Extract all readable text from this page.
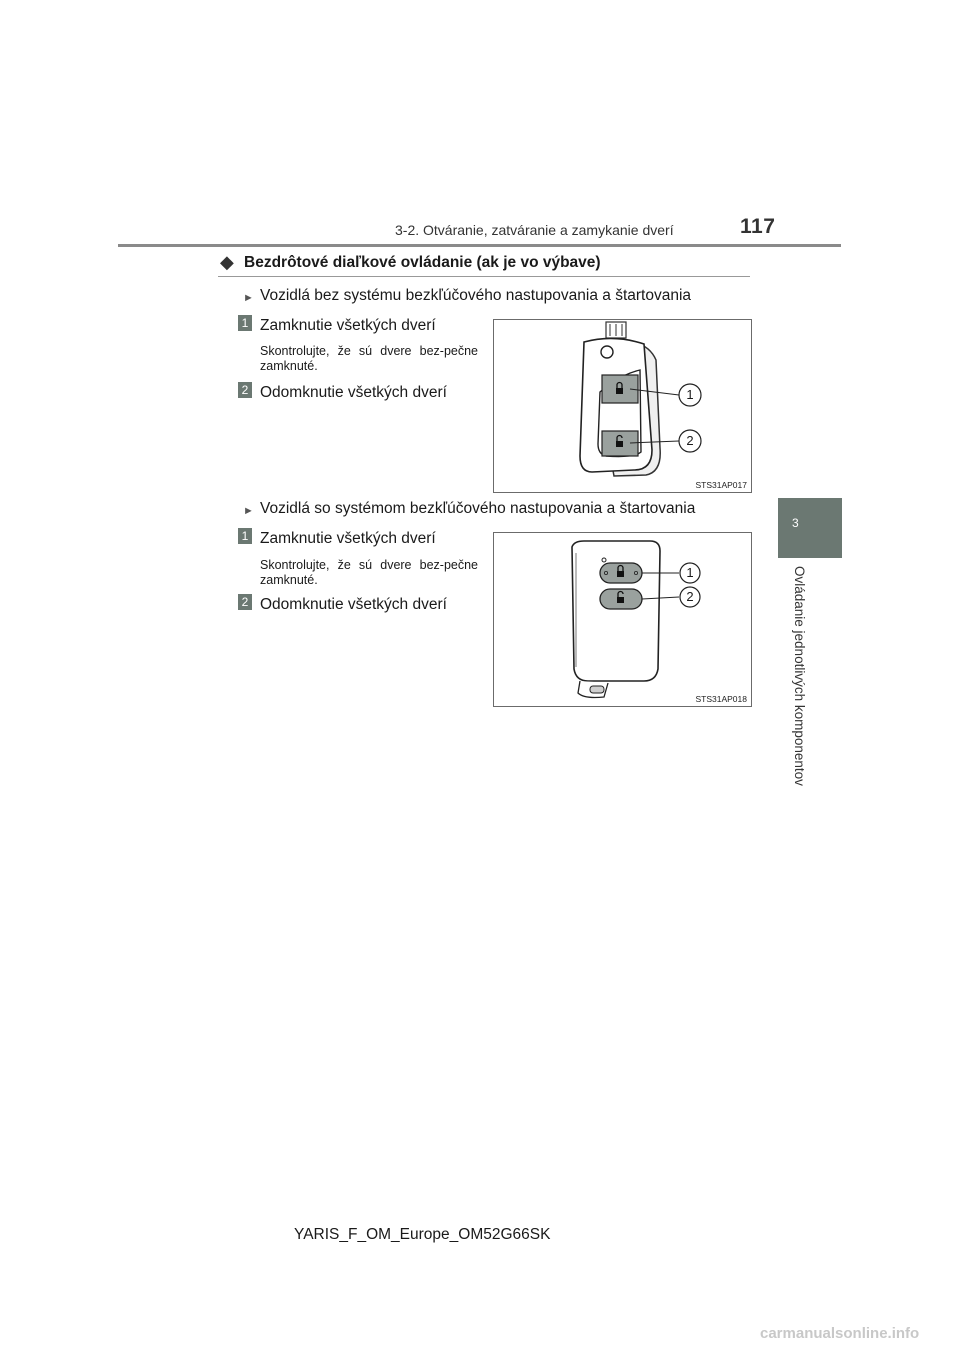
3-2. Otváranie, zatváranie a zamykanie dverí	117
3
Ovládanie jednotlivých komponentov
◆ Bezdrôtové diaľkové ovládanie (ak je vo výbave)
► Vozidlá bez systému bezkľúčového nastupovania a štartovania
1 Zamknutie všetkých dverí
Skontrolujte, že sú dvere bez-pečne zamknuté.
2 Odomknutie všetkých dverí	1
2
STS31AP017
► Vozidlá so systémom bezkľúčového nastupovania a štartovania
1 Zamknutie všetkých dverí
Skontrolujte, že sú dvere bez-pečne zamknuté.
2 Odomknutie všetkých dverí
1
2
STS31AP018
YARIS_F_OM_Europe_OM52G66SK
carmanualsonline.info
